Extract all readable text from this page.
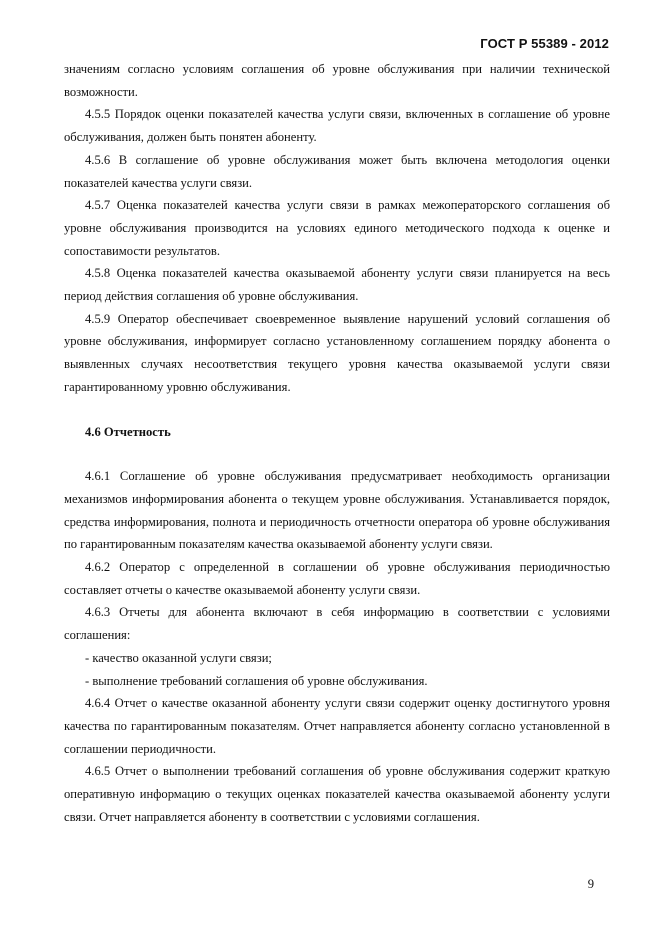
ГОСТ Р 55389 - 2012

значениям согласно условиям соглашения об уровне обслуживания при наличии технической возможности.

4.5.5 Порядок оценки показателей качества услуги связи, включенных в соглашение об уровне обслуживания, должен быть понятен абоненту.

4.5.6 В соглашение об уровне обслуживания может быть включена методология оценки показателей качества услуги связи.

4.5.7 Оценка показателей качества услуги связи в рамках межоператорского соглашения об уровне обслуживания производится на условиях единого методического подхода к оценке и сопоставимости результатов.

4.5.8 Оценка показателей качества оказываемой абоненту услуги связи планируется на весь период действия соглашения об уровне обслуживания.

4.5.9 Оператор обеспечивает своевременное выявление нарушений условий соглашения об уровне обслуживания, информирует согласно установленному соглашением порядку абонента о выявленных случаях несоответствия текущего уровня качества оказываемой услуги связи гарантированному уровню обслуживания.

4.6 Отчетность

4.6.1 Соглашение об уровне обслуживания предусматривает необходимость организации механизмов информирования абонента о текущем уровне обслуживания. Устанавливается порядок, средства информирования, полнота и периодичность отчетности оператора об уровне обслуживания по гарантированным показателям качества оказываемой абоненту услуги связи.

4.6.2 Оператор с определенной в соглашении об уровне обслуживания периодичностью составляет отчеты о качестве оказываемой абоненту услуги связи.

4.6.3 Отчеты для абонента включают в себя информацию в соответствии с условиями соглашения:

- качество оказанной услуги связи;
- выполнение требований соглашения об уровне обслуживания.

4.6.4 Отчет о качестве оказанной абоненту услуги связи содержит оценку достигнутого уровня качества по гарантированным показателям. Отчет направляется абоненту согласно установленной в соглашении периодичности.

4.6.5 Отчет о выполнении требований соглашения об уровне обслуживания содержит краткую оперативную информацию о текущих оценках показателей качества оказываемой абоненту услуги связи. Отчет направляется абоненту в соответствии с условиями соглашения.

9
